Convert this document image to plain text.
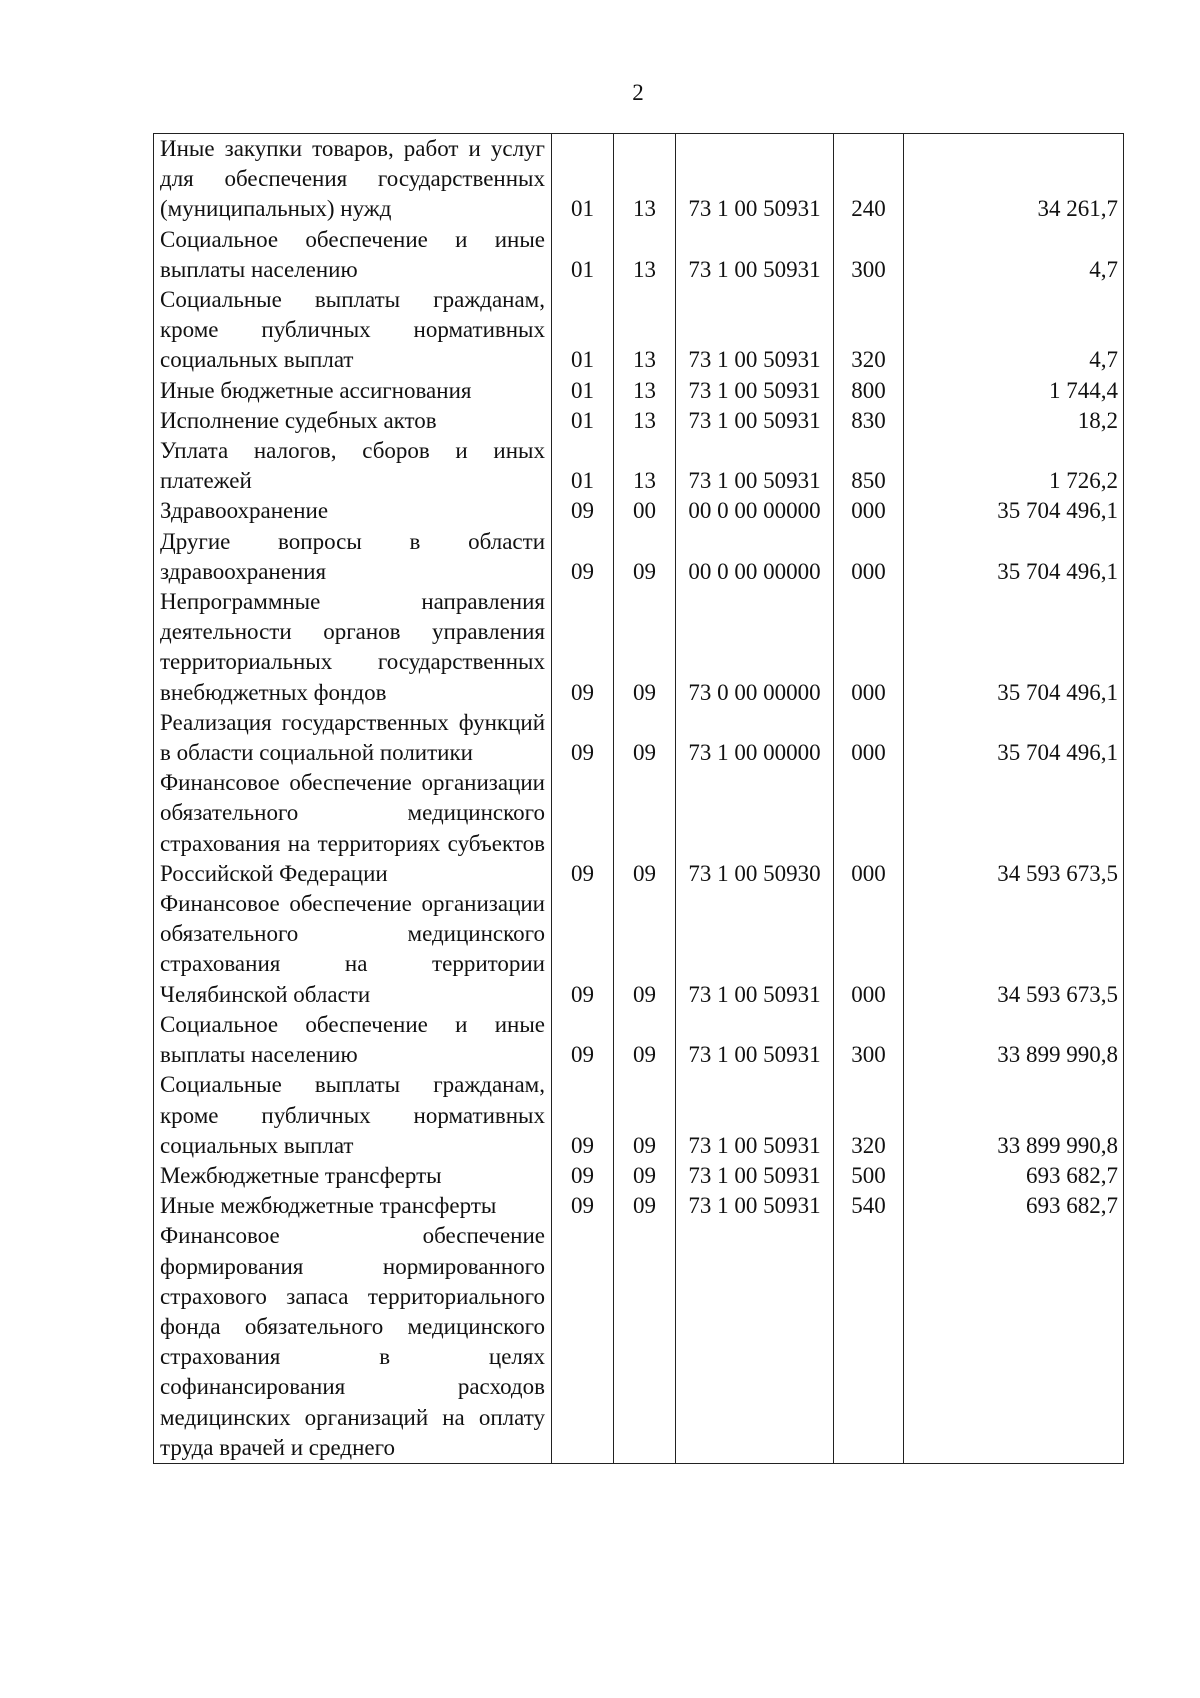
2
Иные закупки товаров, работ и услуг для обеспечения государственных (муниципальных) нужд	01	13	73 1 00 50931	240	34 261,7

Социальное обеспечение и иные выплаты населению	01	13	73 1 00 50931	300	4,7

Социальные выплаты гражданам, кроме публичных нормативных социальных выплат	01	13	73 1 00 50931	320	4,7

Иные бюджетные ассигнования	01	13	73 1 00 50931	800	1 744,4

Исполнение судебных актов	01	13	73 1 00 50931	830	18,2

Уплата налогов, сборов и иных платежей	01	13	73 1 00 50931	850	1 726,2

Здравоохранение	09	00	00 0 00 00000	000	35 704 496,1

Другие вопросы в области здравоохранения	09	09	00 0 00 00000	000	35 704 496,1

Непрограммные направления деятельности органов управления территориальных государственных внебюджетных фондов	09	09	73 0 00 00000	000	35 704 496,1

Реализация государственных функций в области социальной политики	09	09	73 1 00 00000	000	35 704 496,1

Финансовое обеспечение организации обязательного медицинского страхования на территориях субъектов Российской Федерации	09	09	73 1 00 50930	000	34 593 673,5

Финансовое обеспечение организации обязательного медицинского страхования на территории Челябинской области	09	09	73 1 00 50931	000	34 593 673,5

Социальное обеспечение и иные выплаты населению	09	09	73 1 00 50931	300	33 899 990,8

Социальные выплаты гражданам, кроме публичных нормативных социальных выплат	09	09	73 1 00 50931	320	33 899 990,8

Межбюджетные трансферты	09	09	73 1 00 50931	500	693 682,7

Иные межбюджетные трансферты	09	09	73 1 00 50931	540	693 682,7

Финансовое обеспечение формирования нормированного страхового запаса территориального фонда обязательного медицинского страхования в целях софинансирования расходов медицинских организаций на оплату труда врачей и среднего					
